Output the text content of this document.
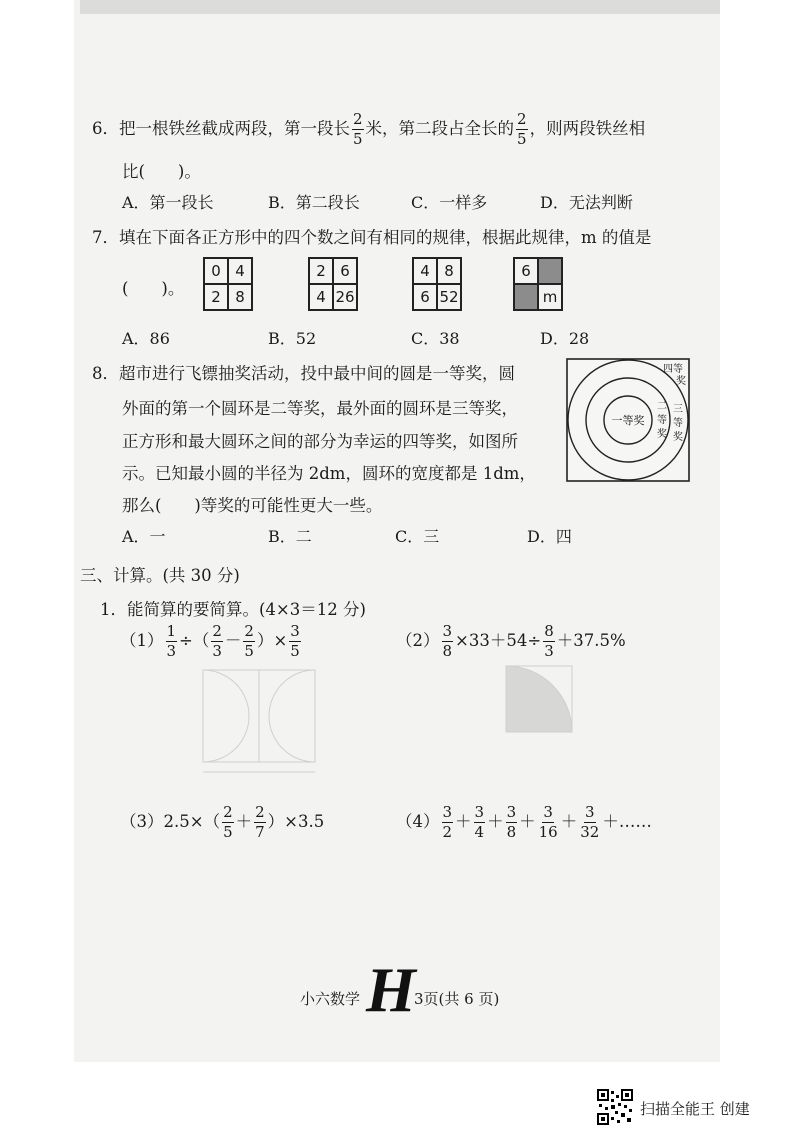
6．把一根铁丝截成两段，第一段长 $\frac{2}{5}$ 米，第二段占全长的 $\frac{2}{5}$ ，则两段铁丝相
比(　　)。
A．第一段长	B．第二段长	C．一样多	D．无法判断
7．填在下面各正方形中的四个数之间有相同的规律，根据此规律，m 的值是
(　　)。
0 4
2 8
2 6
4 26
4 8
6 52
6
m
A．86	B．52	C．38	D．28
8．超市进行飞镖抽奖活动，投中最中间的圆是一等奖，圆
外面的第一个圆环是二等奖，最外面的圆环是三等奖，
正方形和最大圆环之间的部分为幸运的四等奖，如图所
示。已知最小圆的半径为 2dm，圆环的宽度都是 1dm，
那么(　　)等奖的可能性更大一些。
一等奖
二
等
奖
三
等
奖
四等
奖
A．一	B．二	C．三	D．四
三、计算。(共 30 分)
1．能简算的要简算。(4×3＝12 分)
$(1) \frac{1}{3}$ ÷（ $\frac{2}{3} - \frac{2}{5}$ ）× $\frac{3}{5}$	$(2) \frac{3}{8} \times 33+54\div \frac{8}{3} +37.5\%$
$(3)2.5\times( \frac{2}{5} + \frac{2}{7} )\times 3.5$	$(4) \frac{3}{2} + \frac{3}{4} + \frac{3}{8} + \frac{3}{16} + \frac{3}{32}$ ＋……
小六数学 H
3页(共 6 页)
扫描全能王 创建
